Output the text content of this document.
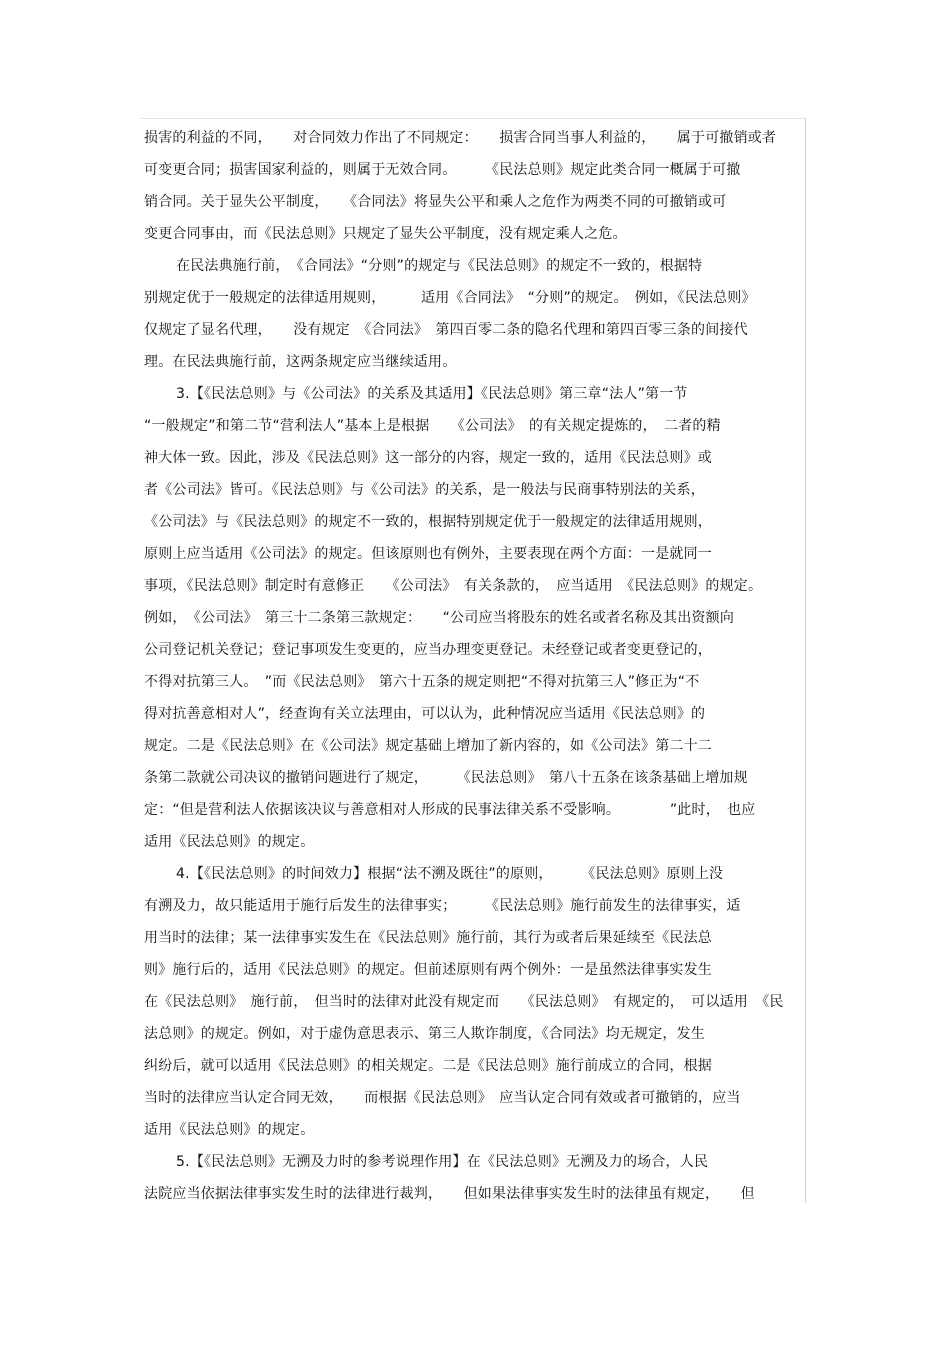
损害的利益的不同，　　对合同效力作出了不同规定：　　损害合同当事人利益的，　　属于可撤销或者
可变更合同；损害国家利益的，则属于无效合同。　　　《民法总则》规定此类合同一概属于可撤
销合同。关于显失公平制度，　　《合同法》将显失公平和乘人之危作为两类不同的可撤销或可
变更合同事由，而《民法总则》只规定了显失公平制度，没有规定乘人之危。
在民法典施行前，　《合同法》“分则”的规定与《民法总则》的规定不一致的，根据特
别规定优于一般规定的法律适用规则，　　　适用《合同法》　“分则”的规定。　例如，《民法总则》
仅规定了显名代理，　　没有规定　《合同法》　第四百零二条的隐名代理和第四百零三条的间接代
理。在民法典施行前，这两条规定应当继续适用。
3.【《民法总则》与《公司法》的关系及其适用】《民法总则》第三章“法人”第一节
“一般规定”和第二节“营利法人”基本上是根据　　《公司法》　的有关规定提炼的，　二者的精
神大体一致。因此，涉及《民法总则》这一部分的内容，规定一致的，适用《民法总则》或
者《公司法》皆可。《民法总则》与《公司法》的关系，是一般法与民商事特别法的关系，
《公司法》与《民法总则》的规定不一致的，根据特别规定优于一般规定的法律适用规则，
原则上应当适用《公司法》的规定。但该原则也有例外，主要表现在两个方面：一是就同一
事项，《民法总则》制定时有意修正　　《公司法》　有关条款的，　应当适用　《民法总则》的规定。
例如，　《公司法》　第三十二条第三款规定：　　“公司应当将股东的姓名或者名称及其出资额向
公司登记机关登记；登记事项发生变更的，应当办理变更登记。未经登记或者变更登记的，
不得对抗第三人。　”而《民法总则》　第六十五条的规定则把“不得对抗第三人”修正为“不
得对抗善意相对人”，经查询有关立法理由，可以认为，此种情况应当适用《民法总则》的
规定。二是《民法总则》在《公司法》规定基础上增加了新内容的，如《公司法》第二十二
条第二款就公司决议的撤销问题进行了规定，　　　《民法总则》　第八十五条在该条基础上增加规
定：“但是营利法人依据该决议与善意相对人形成的民事法律关系不受影响。　　　　”此时，　也应
适用《民法总则》的规定。
4.【《民法总则》的时间效力】根据“法不溯及既往”的原则，　　　《民法总则》原则上没
有溯及力，故只能适用于施行后发生的法律事实；　　　《民法总则》施行前发生的法律事实，适
用当时的法律；某一法律事实发生在《民法总则》施行前，其行为或者后果延续至《民法总
则》施行后的，适用《民法总则》的规定。但前述原则有两个例外：一是虽然法律事实发生
在《民法总则》　施行前，　但当时的法律对此没有规定而　　《民法总则》　有规定的，　可以适用　《民
法总则》的规定。例如，对于虚伪意思表示、第三人欺诈制度，《合同法》均无规定，发生
纠纷后，就可以适用《民法总则》的相关规定。二是《民法总则》施行前成立的合同，根据
当时的法律应当认定合同无效，　　而根据《民法总则》　应当认定合同有效或者可撤销的，应当
适用《民法总则》的规定。
5.【《民法总则》无溯及力时的参考说理作用】在《民法总则》无溯及力的场合，人民
法院应当依据法律事实发生时的法律进行裁判，　　但如果法律事实发生时的法律虽有规定，　　但
